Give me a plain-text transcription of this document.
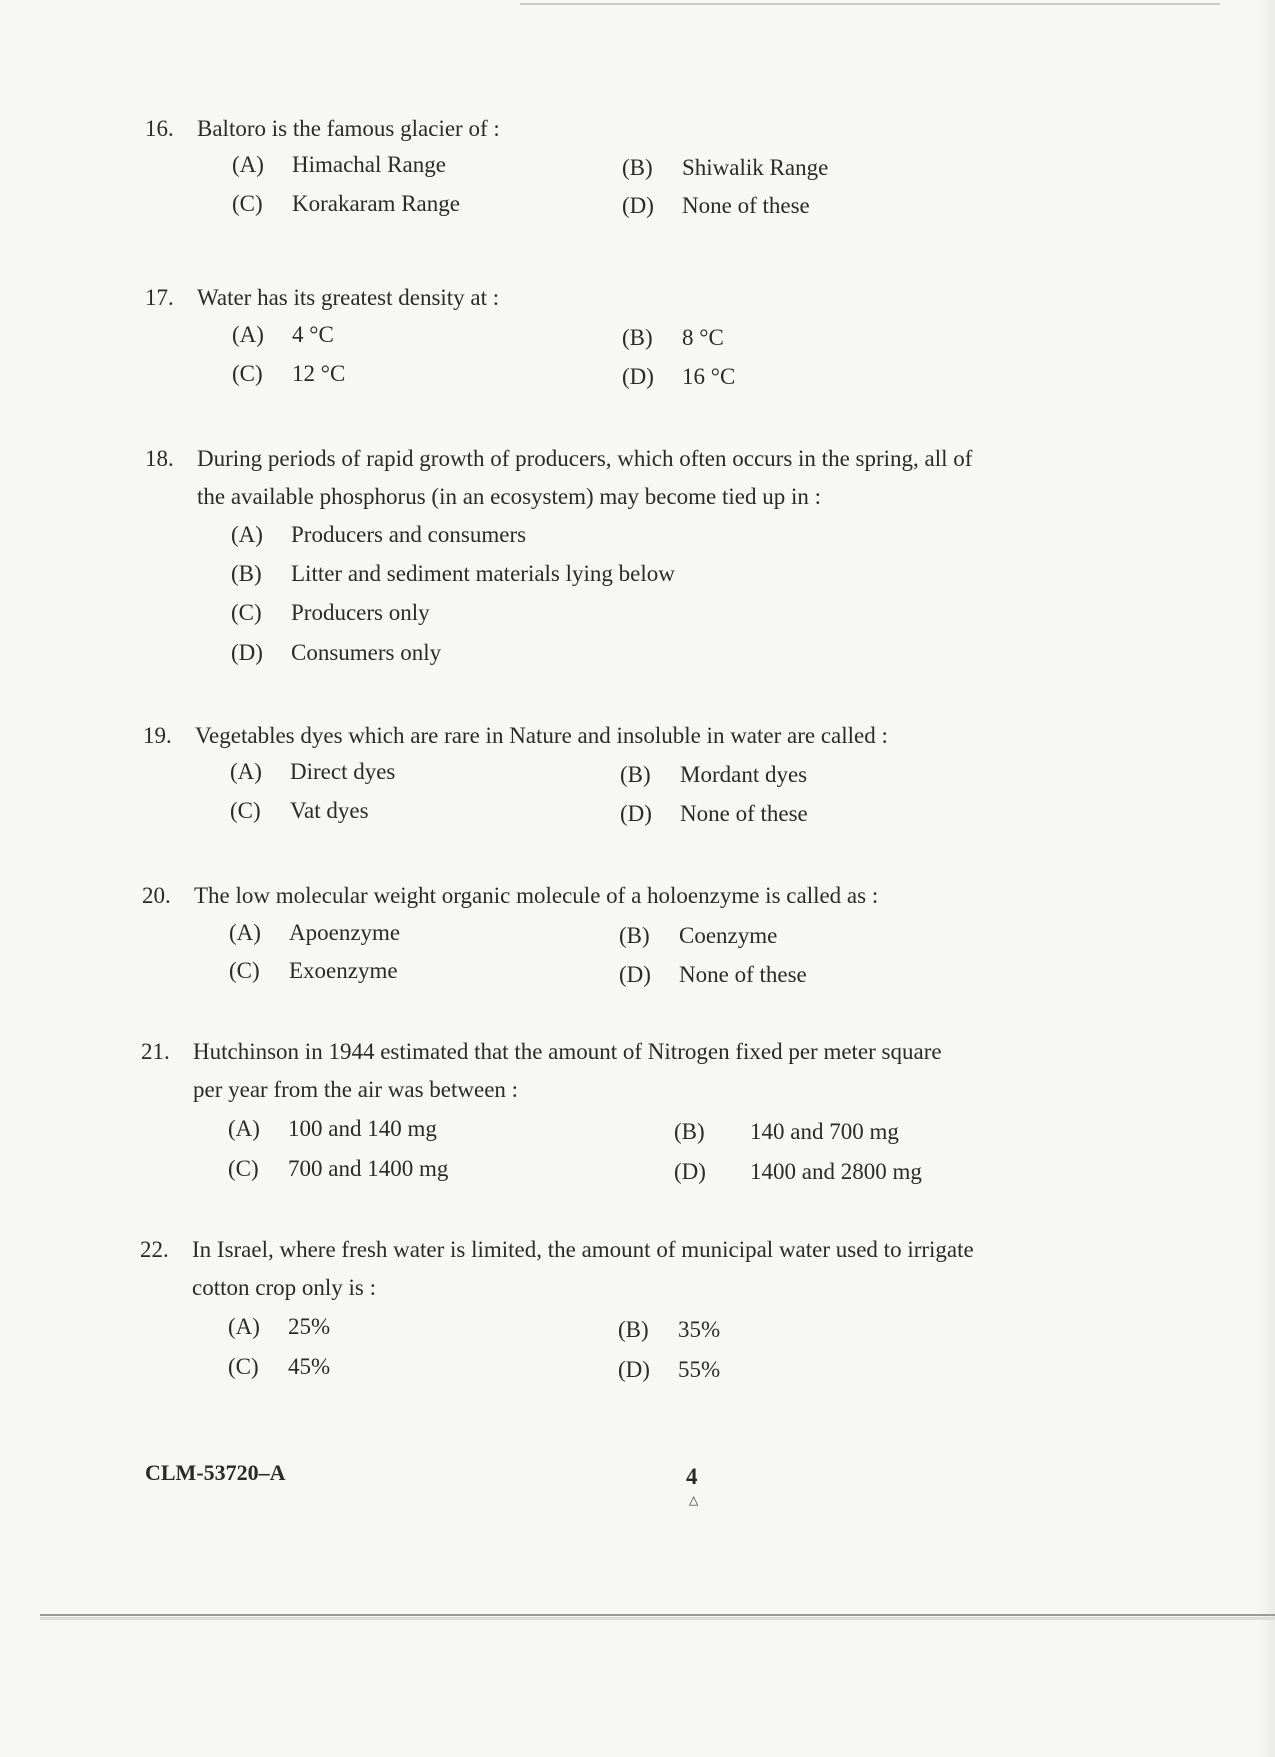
16. Baltoro is the famous glacier of :
(A) Himachal Range	(B) Shiwalik Range
(C) Korakaram Range	(D) None of these
17. Water has its greatest density at :
(A) 4 °C	(B) 8 °C
(C) 12 °C	(D) 16 °C
18. During periods of rapid growth of producers, which often occurs in the spring, all of
the available phosphorus (in an ecosystem) may become tied up in :
(A) Producers and consumers
(B) Litter and sediment materials lying below
(C) Producers only
(D) Consumers only
19. Vegetables dyes which are rare in Nature and insoluble in water are called :
(A) Direct dyes	(B) Mordant dyes
(C) Vat dyes	(D) None of these
20. The low molecular weight organic molecule of a holoenzyme is called as :
(A) Apoenzyme	(B) Coenzyme
(C) Exoenzyme	(D) None of these
21. Hutchinson in 1944 estimated that the amount of Nitrogen fixed per meter square
per year from the air was between :
(A) 100 and 140 mg	(B) 140 and 700 mg
(C) 700 and 1400 mg	(D) 1400 and 2800 mg
22. In Israel, where fresh water is limited, the amount of municipal water used to irrigate
cotton crop only is :
(A) 25%	(B) 35%
(C) 45%	(D) 55%
CLM-53720–A	4
△
